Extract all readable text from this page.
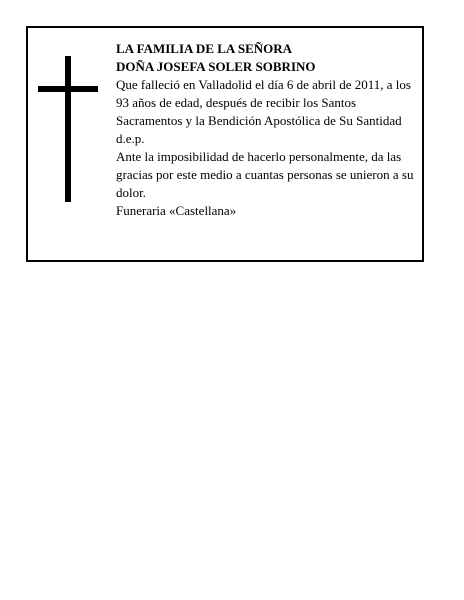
LA FAMILIA DE LA SEÑORA

DOÑA JOSEFA SOLER SOBRINO

Que falleció en Valladolid el día 6 de abril de 2011, a los 93 años de edad, después de recibir los Santos Sacramentos y la Bendición Apostólica de Su Santidad d.e.p.

Ante la imposibilidad de hacerlo personalmente, da las gracias por este medio a cuantas personas se unieron a su dolor.

Funeraria «Castellana»
